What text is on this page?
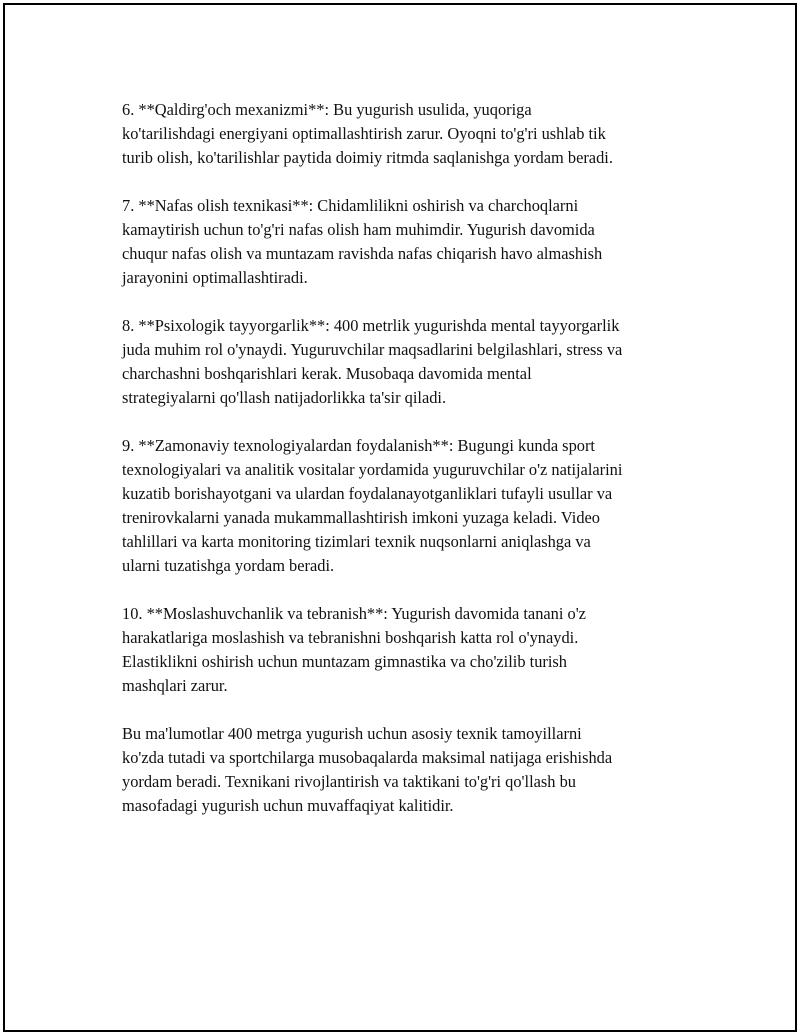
6. **Qaldirg'och mexanizmi**: Bu yugurish usulida, yuqoriga
ko'tarilishdagi energiyani optimallashtirish zarur. Oyoqni to'g'ri ushlab tik
turib olish, ko'tarilishlar paytida doimiy ritmda saqlanishga yordam beradi.

7. **Nafas olish texnikasi**: Chidamlilikni oshirish va charchoqlarni
kamaytirish uchun to'g'ri nafas olish ham muhimdir. Yugurish davomida
chuqur nafas olish va muntazam ravishda nafas chiqarish havo almashish
jarayonini optimallashtiradi.

8. **Psixologik tayyorgarlik**: 400 metrlik yugurishda mental tayyorgarlik
juda muhim rol o'ynaydi. Yuguruvchilar maqsadlarini belgilashlari, stress va
charchashni boshqarishlari kerak. Musobaqa davomida mental
strategiyalarni qo'llash natijadorlikka ta'sir qiladi.

9. **Zamonaviy texnologiyalardan foydalanish**: Bugungi kunda sport
texnologiyalari va analitik vositalar yordamida yuguruvchilar o'z natijalarini
kuzatib borishayotgani va ulardan foydalanayotganliklari tufayli usullar va
trenirovkalarni yanada mukammallashtirish imkoni yuzaga keladi. Video
tahlillari va karta monitoring tizimlari texnik nuqsonlarni aniqlashga va
ularni tuzatishga yordam beradi.

10. **Moslashuvchanlik va tebranish**: Yugurish davomida tanani o'z
harakatlariga moslashish va tebranishni boshqarish katta rol o'ynaydi.
Elastiklikni oshirish uchun muntazam gimnastika va cho'zilib turish
mashqlari zarur.

Bu ma'lumotlar 400 metrga yugurish uchun asosiy texnik tamoyillarni
ko'zda tutadi va sportchilarga musobaqalarda maksimal natijaga erishishda
yordam beradi. Texnikani rivojlantirish va taktikani to'g'ri qo'llash bu
masofadagi yugurish uchun muvaffaqiyat kalitidir.
